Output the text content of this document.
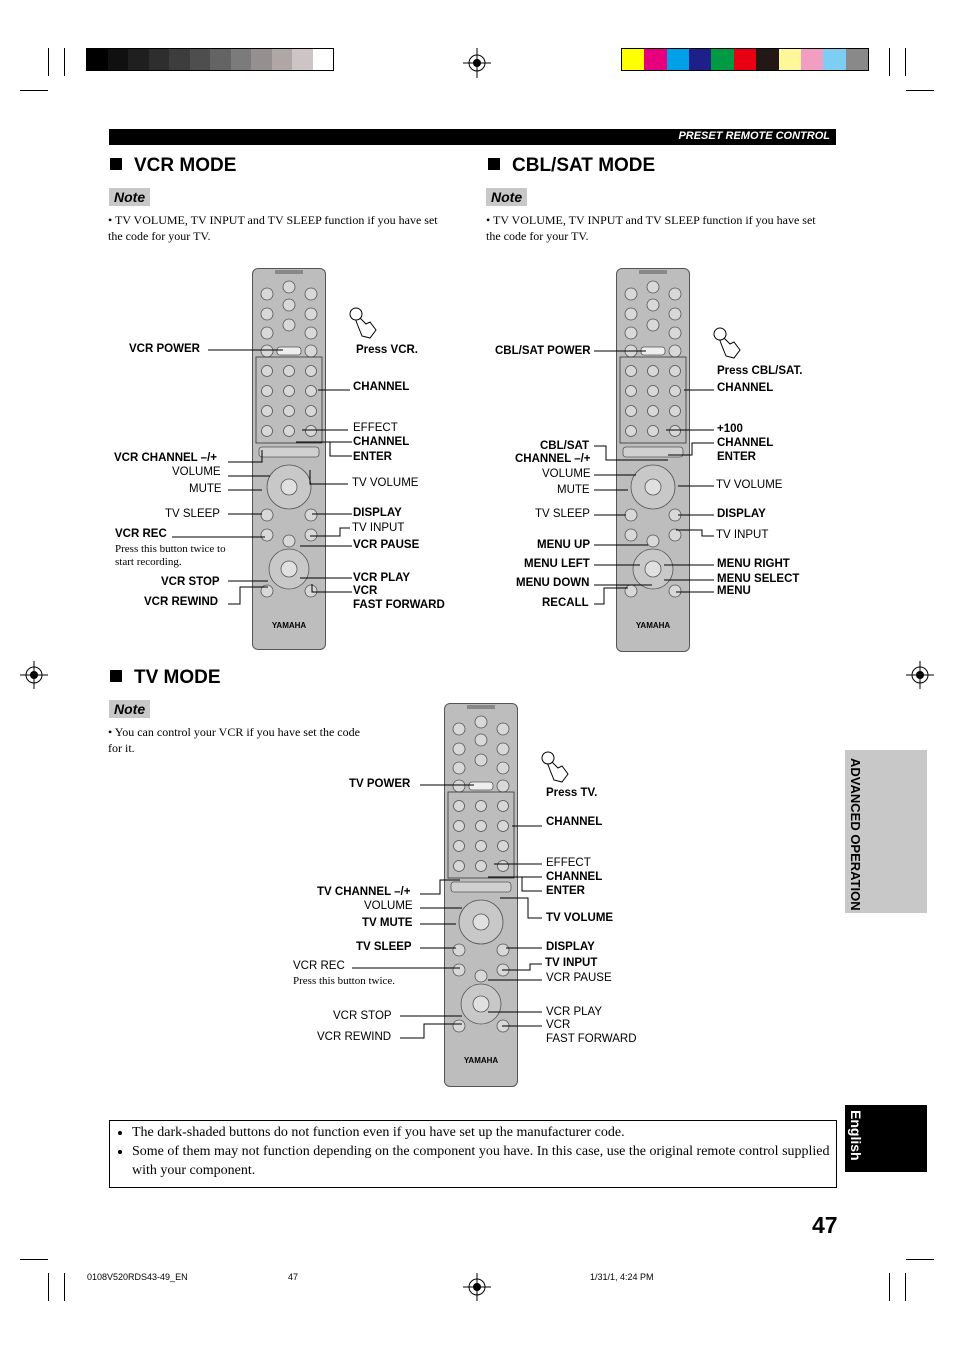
PRESET REMOTE CONTROL
VCR MODE
Note
• TV VOLUME, TV INPUT and TV SLEEP function if you have set the code for your TV.
CBL/SAT MODE
Note
• TV VOLUME, TV INPUT and TV SLEEP function if you have set the code for your TV.
TV MODE
Note
• You can control your VCR if you have set the code for it.
YAMAHA	YAMAHA
YAMAHA
VCR POWER
VCR CHANNEL –/+
VOLUME
MUTE
TV SLEEP
VCR REC
Press this button twice to
start recording.
VCR STOP
VCR REWIND
Press VCR.
CHANNEL
EFFECT
CHANNEL
ENTER
TV VOLUME
DISPLAY
TV INPUT
VCR PAUSE
VCR PLAY
VCR
FAST FORWARD
CBL/SAT POWER
CBL/SAT
CHANNEL –/+
VOLUME
MUTE
TV SLEEP
MENU UP
MENU LEFT
MENU DOWN
RECALL
Press CBL/SAT.
CHANNEL
+100
CHANNEL
ENTER
TV VOLUME
DISPLAY
TV INPUT
MENU RIGHT
MENU SELECT
MENU
TV POWER
TV CHANNEL –/+
VOLUME
TV MUTE
TV SLEEP
VCR REC
Press this button twice.
VCR STOP
VCR REWIND
Press TV.
CHANNEL
EFFECT
CHANNEL
ENTER
TV VOLUME
DISPLAY
TV INPUT
VCR PAUSE
VCR PLAY
VCR
FAST FORWARD
ADVANCED OPERATION
English
• The dark-shaded buttons do not function even if you have set up the manufacturer code.
• Some of them may not function depending on the component you have. In this case, use the original remote control supplied with your component.
47
0108V520RDS43-49_EN	47	1/31/1, 4:24 PM
